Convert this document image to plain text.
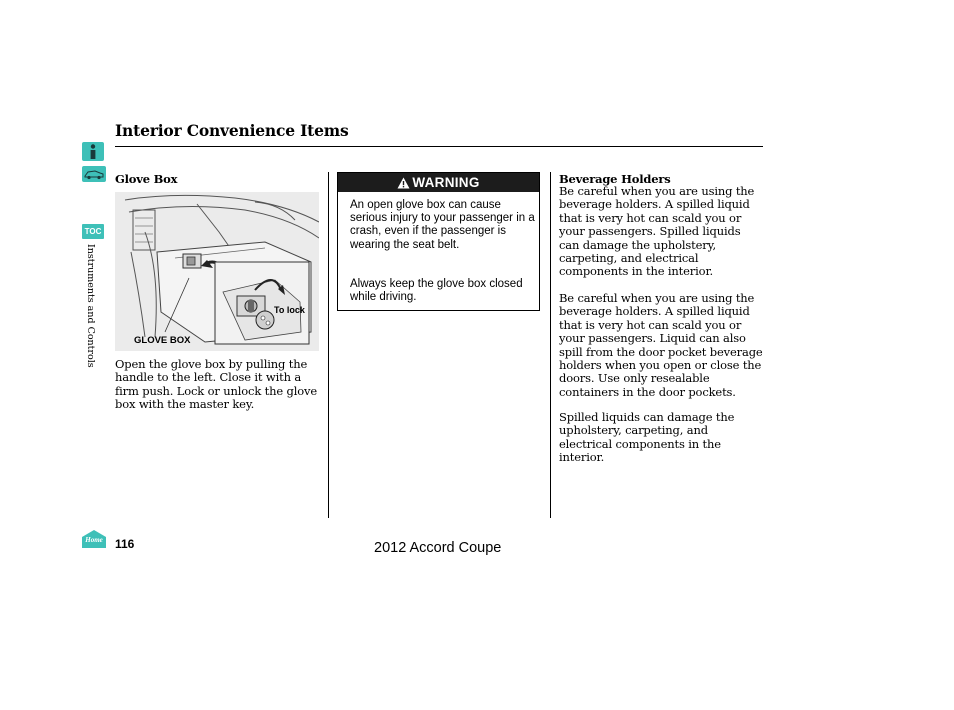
TOC
Instruments and Controls
Home
Interior Convenience Items
Glove Box
GLOVE BOX
To lock
Open the glove box by pulling the handle to the left. Close it with a firm push. Lock or unlock the glove box with the master key.
WARNING
An open glove box can cause serious injury to your passenger in a crash, even if the passenger is wearing the seat belt.
Always keep the glove box closed while driving.
Beverage Holders
Be careful when you are using the beverage holders. A spilled liquid that is very hot can scald you or your passengers. Spilled liquids can damage the upholstery, carpeting, and electrical components in the interior.
Be careful when you are using the beverage holders. A spilled liquid that is very hot can scald you or your passengers. Liquid can also spill from the door pocket beverage holders when you open or close the doors. Use only resealable containers in the door pockets.
Spilled liquids can damage the upholstery, carpeting, and electrical components in the interior.
116	2012 Accord Coupe
